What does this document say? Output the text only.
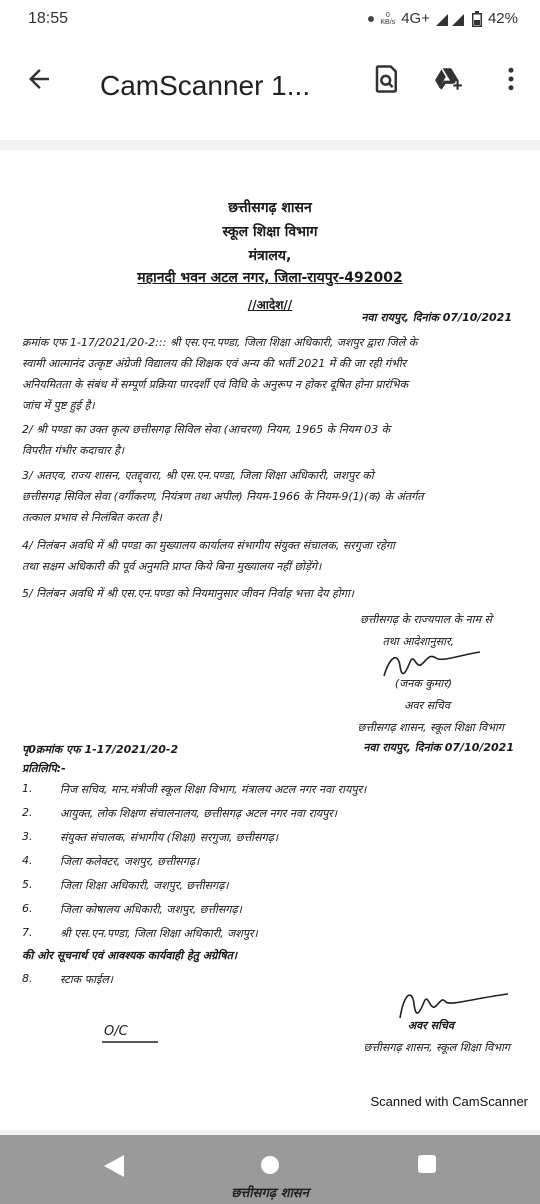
18:55	0
KB/s 4G+	42%
CamScanner 1...
छत्तीसगढ़ शासन
स्कूल शिक्षा विभाग
मंत्रालय,
महानदी भवन अटल नगर, जिला-रायपुर-492002
//आदेश//
नवा रायपुर, दिनांक 07/10/2021
क्रमांक एफ 1-17/2021/20-2::: श्री एस.एन.पण्डा, जिला शिक्षा अधिकारी, जशपुर द्वारा जिले के
स्वामी आत्मानंद उत्कृष्ट अंग्रेजी विद्यालय की शिक्षक एवं अन्य की भर्ती 2021 में की जा रही गंभीर
अनियमितता के संबंध में सम्पूर्ण प्रक्रिया पारदर्शी एवं विधि के अनुरूप न होकर दूषित होना प्रारंभिक
जांच में पुष्ट हुई है।
2/ श्री पण्डा का उक्त कृत्य छत्तीसगढ़ सिविल सेवा (आचरण) नियम, 1965 के नियम 03 के
विपरीत गंभीर कदाचार है।
3/ अतएव, राज्य शासन, एतद्द्वारा, श्री एस.एन.पण्डा, जिला शिक्षा अधिकारी, जशपुर को
छत्तीसगढ़ सिविल सेवा (वर्गीकरण, नियंत्रण तथा अपील) नियम-1966 के नियम-9(1)(क) के अंतर्गत
तत्काल प्रभाव से निलंबित करता है।
4/ निलंबन अवधि में श्री पण्डा का मुख्यालय कार्यालय संभागीय संयुक्त संचालक, सरगुजा रहेगा
तथा सक्षम अधिकारी की पूर्व अनुमति प्राप्त किये बिना मुख्यालय नहीं छोड़ेंगे।
5/ निलंबन अवधि में श्री एस.एन.पण्डा को नियमानुसार जीवन निर्वाह भत्ता देय होगा।
छत्तीसगढ़ के राज्यपाल के नाम से
तथा आदेशानुसार,
(जनक कुमार)
अवर सचिव
छत्तीसगढ़ शासन, स्कूल शिक्षा विभाग
पृ0क्रमांक एफ 1-17/2021/20-2	नवा रायपुर, दिनांक 07/10/2021
प्रतिलिपि:-
1.	निज सचिव, मान.मंत्रीजी स्कूल शिक्षा विभाग, मंत्रालय अटल नगर नवा रायपुर।
2.	आयुक्त, लोक शिक्षण संचालनालय, छत्तीसगढ़ अटल नगर नवा रायपुर।
3.	संयुक्त संचालक, संभागीय (शिक्षा) सरगुजा, छत्तीसगढ़।
4.	जिला कलेक्टर, जशपुर, छत्तीसगढ़।
5.	जिला शिक्षा अधिकारी, जशपुर, छत्तीसगढ़।
6.	जिला कोषालय अधिकारी, जशपुर, छत्तीसगढ़।
7.	श्री एस.एन.पण्डा, जिला शिक्षा अधिकारी, जशपुर।
की ओर सूचनार्थ एवं आवश्यक कार्यवाही हेतु अग्रेषित।
8.	स्टाक फाईल।
O/C	अवर सचिव
छत्तीसगढ़ शासन, स्कूल शिक्षा विभाग
Scanned with CamScanner
छत्तीसगढ़ शासन
